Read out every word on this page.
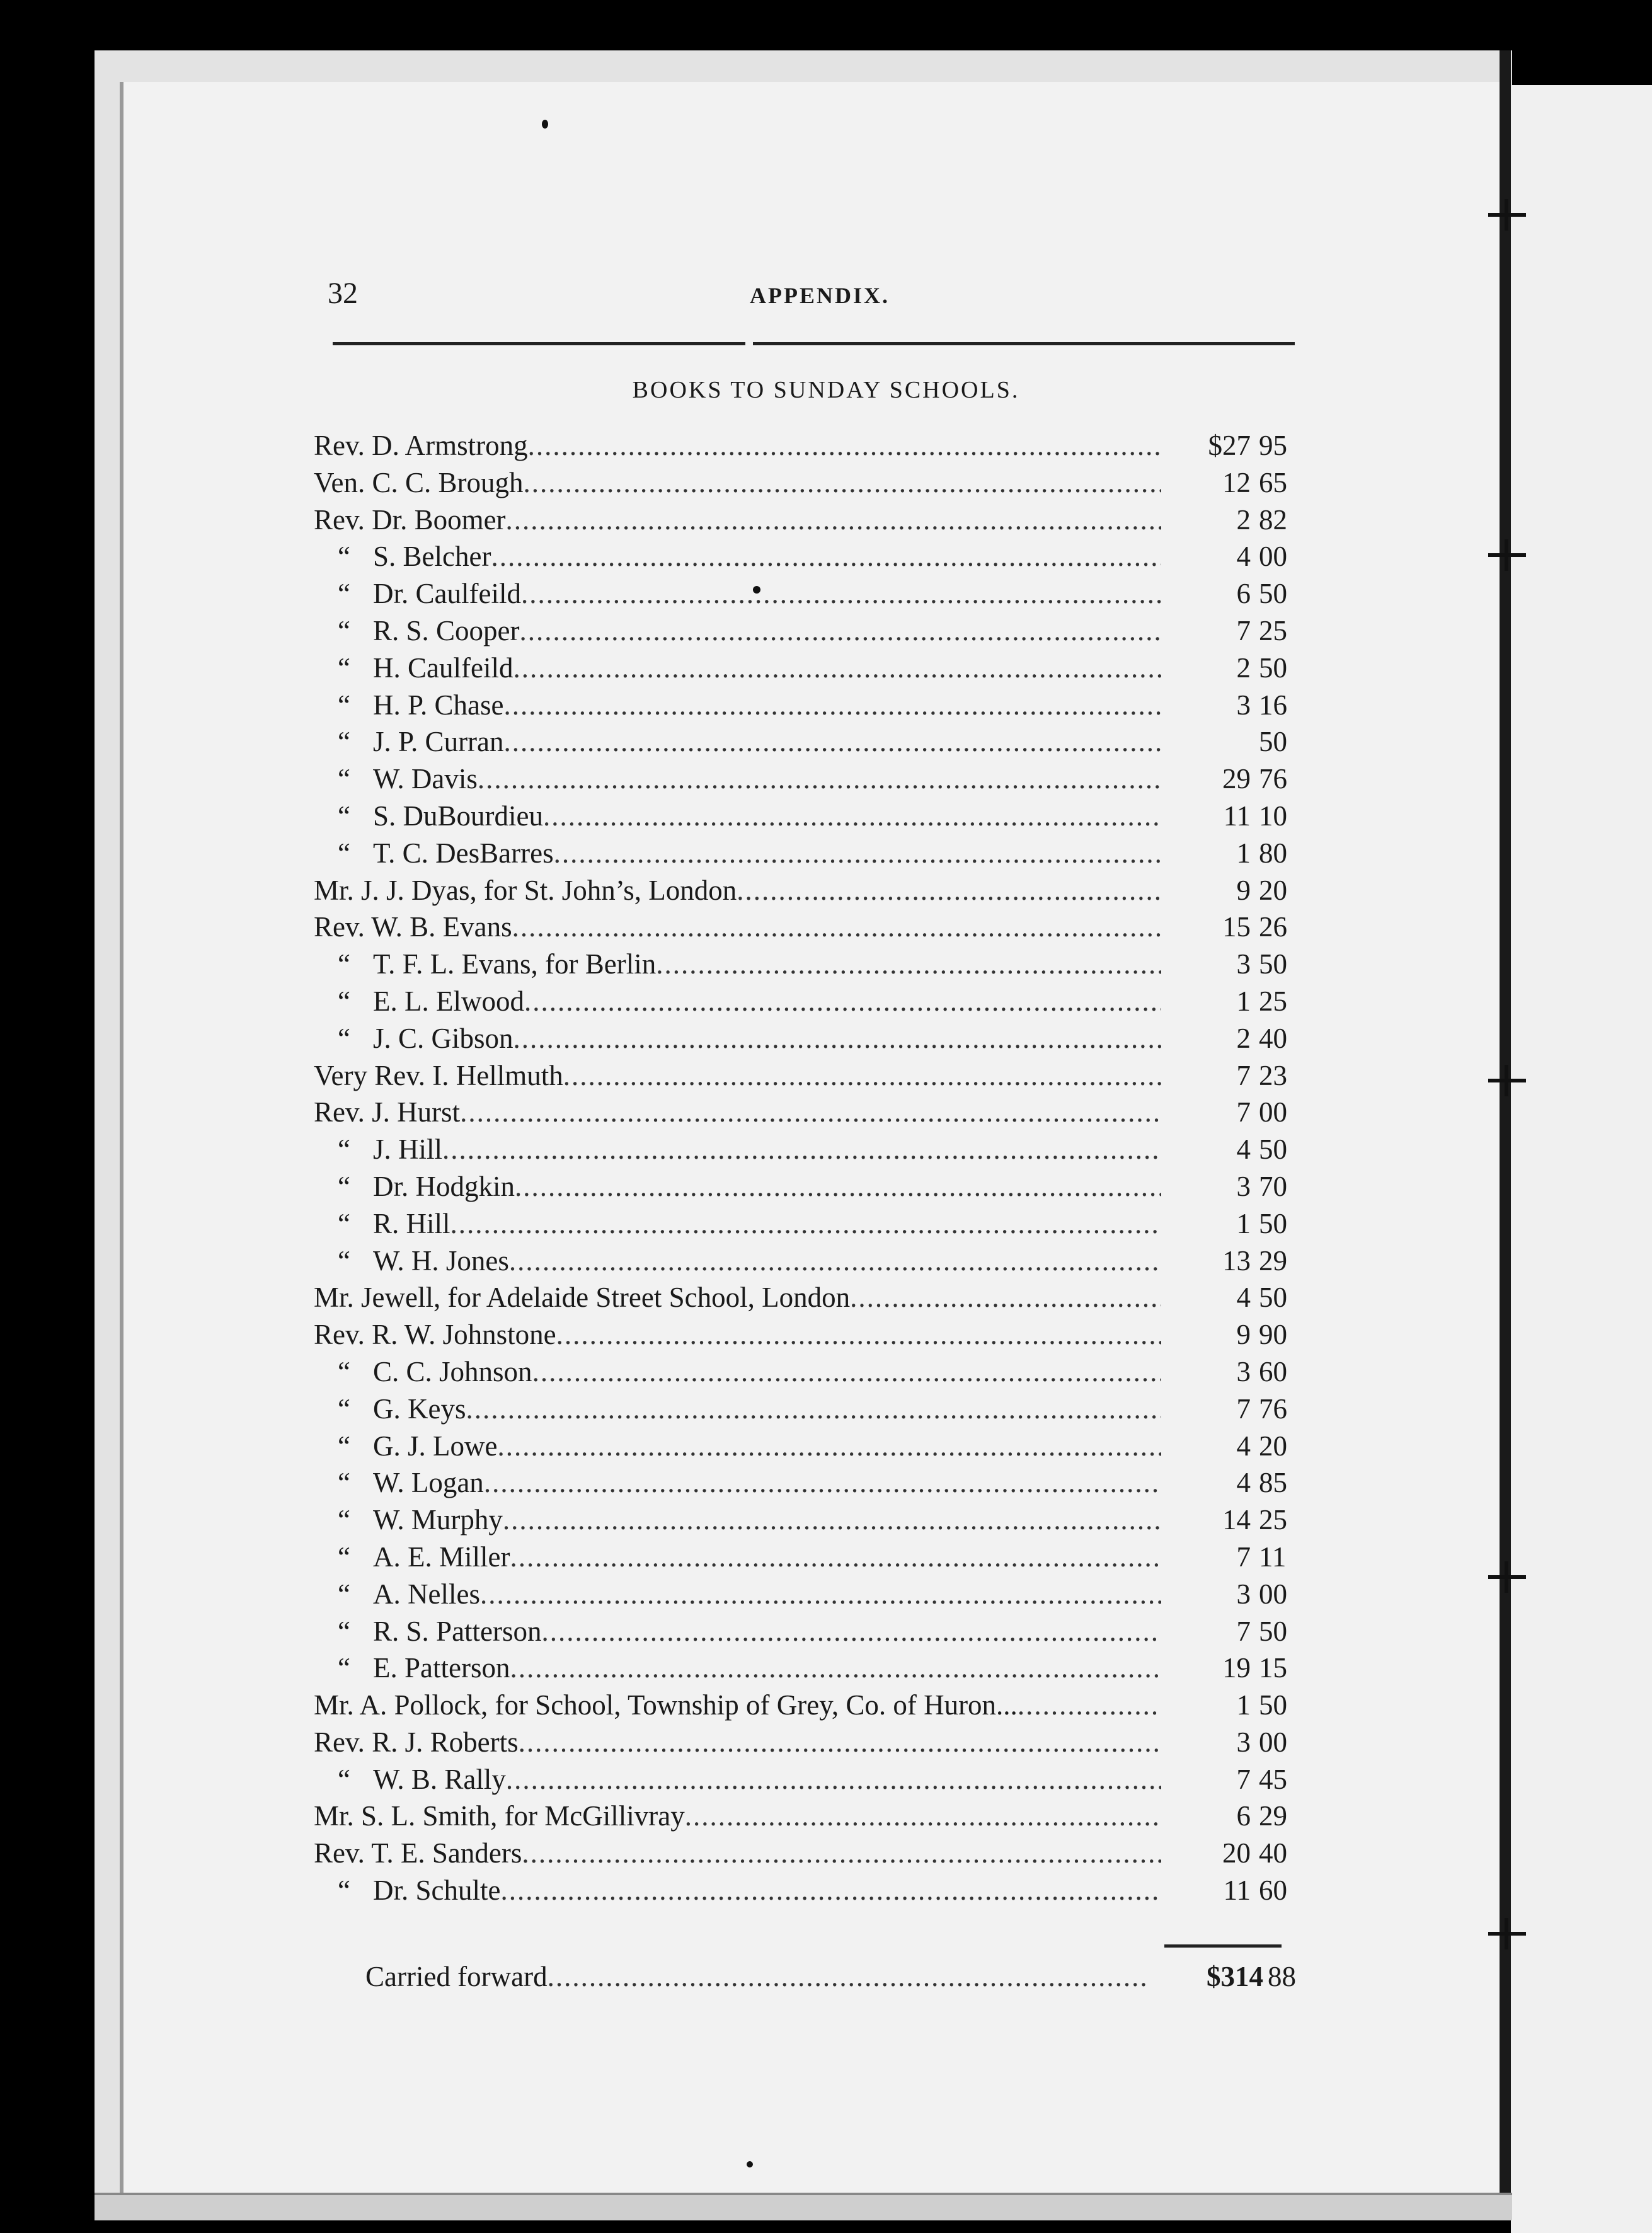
32	APPENDIX.
BOOKS TO SUNDAY SCHOOLS.
Rev. D. Armstrong .....	$27 95
Ven. C. C. Brough .....	12 65
Rev. Dr. Boomer .....	2 82
“ S. Belcher .....	4 00
“ Dr. Caulfeild .....	6 50
“ R. S. Cooper .....	7 25
“ H. Caulfeild .....	2 50
“ H. P. Chase .....	3 16
“ J. P. Curran .....	50
“ W. Davis .....	29 76
“ S. DuBourdieu .....	11 10
“ T. C. DesBarres .....	1 80
Mr. J. J. Dyas, for St. John’s, London .....	9 20
Rev. W. B. Evans .....	15 26
“ T. F. L. Evans, for Berlin .....	3 50
“ E. L. Elwood .....	1 25
“ J. C. Gibson .....	2 40
Very Rev. I. Hellmuth .....	7 23
Rev. J. Hurst .....	7 00
“ J. Hill .....	4 50
“ Dr. Hodgkin .....	3 70
“ R. Hill .....	1 50
“ W. H. Jones .....	13 29
Mr. Jewell, for Adelaide Street School, London .....	4 50
Rev. R. W. Johnstone .....	9 90
“ C. C. Johnson .....	3 60
“ G. Keys .....	7 76
“ G. J. Lowe .....	4 20
“ W. Logan .....	4 85
“ W. Murphy .....	14 25
“ A. E. Miller .....	7 11
“ A. Nelles .....	3 00
“ R. S. Patterson .....	7 50
“ E. Patterson .....	19 15
Mr. A. Pollock, for School, Township of Grey, Co. of Huron... .....	1 50
Rev. R. J. Roberts .....	3 00
“ W. B. Rally .....	7 45
Mr. S. L. Smith, for McGillivray .....	6 29
Rev. T. E. Sanders .....	20 40
“ Dr. Schulte .....	11 60
Carried forward .....	$314 88
